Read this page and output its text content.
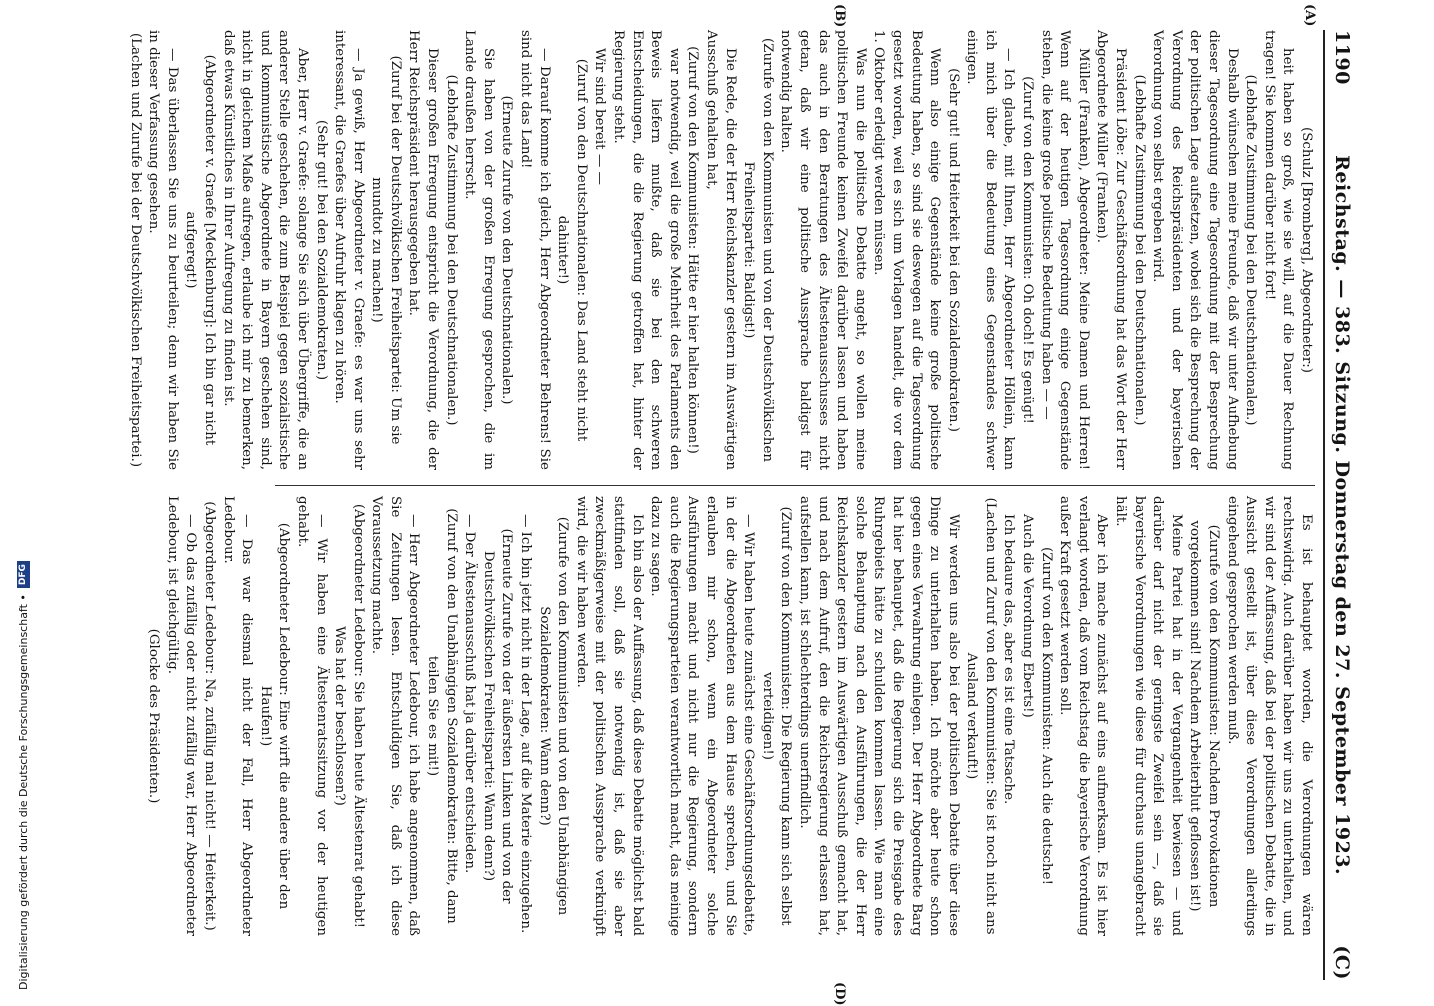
1190
Reichstag. — 383. Sitzung. Donnerstag den 27. September 1923.
(C)

(Schulz [Bromberg], Abgeordneter:)

heit haben so groß, wie sie will, auf die Dauer Rechnung tragen! Sie kommen darüber nicht fort!

(Lebhafte Zustimmung bei den Deutschnationalen.)

Deshalb wünschen meine Freunde, daß wir unter Aufhebung dieser Tagesordnung eine Tagesordnung mit der Besprechung der politischen Lage aufsetzen, wobei sich die Besprechung der Verordnung des Reichspräsidenten und der bayerischen Verordnung von selbst ergeben wird.

(Lebhafte Zustimmung bei den Deutschnationalen.)

Präsident Löbe: Zur Geschäftsordnung hat das Wort der Herr Abgeordnete Müller (Franken).

Müller (Franken), Abgeordneter: Meine Damen und Herren! Wenn auf der heutigen Tagesordnung einige Gegenstände stehen, die keine große politische Bedeutung haben — —

(Zuruf von den Kommunisten: Oh doch! Es genügt!

— Ich glaube, mit Ihnen, Herr Abgeordneter Höllein, kann ich mich über die Bedeutung eines Gegenstandes schwer einigen.

(Sehr gut! und Heiterkeit bei den Sozialdemokraten.)

Wenn also einige Gegenstände keine große politische Bedeutung haben, so sind sie deswegen auf die Tagesordnung gesetzt worden, weil es sich um Vorlagen handelt, die vor dem 1. Oktober erledigt werden müssen.

Was nun die politische Debatte angeht, so wollen meine politischen Freunde keinen Zweifel darüber lassen und haben das auch in den Beratungen des Ältestenausschusses nicht getan, daß wir eine politische Aussprache baldigst für notwendig halten.

(Zurufe von den Kommunisten und von der Deutschvölkischen Freiheitspartei: Baldigst!)

Die Rede, die der Herr Reichskanzler gestern im Auswärtigen Ausschuß gehalten hat,

(Zuruf von den Kommunisten: Hätte er hier halten können!)

war notwendig, weil die große Mehrheit des Parlaments den Beweis liefern mußte, daß sie bei den schweren Entscheidungen, die die Regierung getroffen hat, hinter der Regierung steht.

Wir sind bereit — —

(Zuruf von den Deutschnationalen: Das Land steht nicht dahinter!)

— Darauf komme ich gleich, Herr Abgeordneter Behrens! Sie sind nicht das Land!

(Erneute Zurufe von den Deutschnationalen.)

Sie haben von der großen Erregung gesprochen, die im Lande draußen herrscht.

(Lebhafte Zustimmung bei den Deutschnationalen.)

Dieser großen Erregung entspricht die Verordnung, die der Herr Reichspräsident herausgegeben hat.

(Zuruf bei der Deutschvölkischen Freiheitspartei: Um sie mundtot zu machen!)

— Ja gewiß, Herr Abgeordneter v. Graefe: es war uns sehr interessant, die Graefes über Aufruhr klagen zu hören.

(Sehr gut! bei den Sozialdemokraten.)

Aber, Herr v. Graefe: solange Sie sich über Übergriffe, die an anderer Stelle geschehen, die zum Beispiel gegen sozialistische und kommunistische Abgeordnete in Bayern geschehen sind, nicht in gleichem Maße aufregen, erlaube ich mir zu bemerken, daß etwas Künstliches in Ihrer Aufregung zu finden ist.

(Abgeordneter v. Graefe [Mecklenburg]: Ich bin gar nicht aufgeregt!)

— Das überlassen Sie uns zu beurteilen; denn wir haben Sie in dieser Verfassung gesehen.

(Lachen und Zurufe bei der Deutschvölkischen Freiheitspartei.)

Es ist behauptet worden, die Verordnungen wären rechtswidrig. Auch darüber haben wir uns zu unterhalten, und wir sind der Auffassung, daß bei der politischen Debatte, die in Aussicht gestellt ist, über diese Verordnungen allerdings eingehend gesprochen werden muß.

(Zurufe von den Kommunisten: Nachdem Provokationen vorgekommen sind! Nachdem Arbeiterblut geflossen ist!)

Meine Partei hat in der Vergangenheit bewiesen — und darüber darf nicht der geringste Zweifel sein —, daß sie bayerische Verordnungen wie diese für durchaus unangebracht hält.

Aber ich mache zunächst auf eins aufmerksam. Es ist hier verlangt worden, daß vom Reichstag die bayerische Verordnung außer Kraft gesetzt werden soll.

(Zuruf von den Kommunisten: Auch die deutsche!

Auch die Verordnung Eberts!)

Ich bedaure das, aber es ist eine Tatsache.

(Lachen und Zuruf von den Kommunisten: Sie ist noch nicht ans Ausland verkauft!)

Wir werden uns also bei der politischen Debatte über diese Dinge zu unterhalten haben. Ich möchte aber heute schon gegen eines Verwahrung einlegen. Der Herr Abgeordnete Barg hat hier behauptet, daß die Regierung sich die Preisgabe des Ruhrgebiets hätte zu schulden kommen lassen. Wie man eine solche Behauptung nach den Ausführungen, die der Herr Reichskanzler gestern im Auswärtigen Ausschuß gemacht hat, und nach dem Aufruf, den die Reichsregierung erlassen hat, aufstellen kann, ist schlechterdings unerfindlich.

(Zuruf von den Kommunisten: Die Regierung kann sich selbst verteidigen!)

— Wir haben heute zunächst eine Geschäftsordnungsdebatte, in der die Abgeordneten aus dem Hause sprechen, und Sie erlauben mir schon, wenn ein Abgeordneter solche Ausführungen macht und nicht nur die Regierung, sondern auch die Regierungsparteien verantwortlich macht, das meinige dazu zu sagen.

Ich bin also der Auffassung, daß diese Debatte möglichst bald stattfinden soll, daß sie notwendig ist, daß sie aber zweckmäßigerweise mit der politischen Aussprache verknüpft wird, die wir haben werden.

(Zurufe von den Kommunisten und von den Unabhängigen Sozialdemokraten: Wann denn?)

— Ich bin jetzt nicht in der Lage, auf die Materie einzugehen.

(Erneute Zurufe von der äußersten Linken und von der Deutschvölkischen Freiheitspartei: Wann denn?)

— Der Ältestenausschuß hat ja darüber entschieden.

(Zuruf von den Unabhängigen Sozialdemokraten: Bitte, dann teilen Sie es mit!)

— Herr Abgeordneter Ledebour, ich habe angenommen, daß Sie Zeitungen lesen. Entschuldigen Sie, daß ich diese Voraussetzung machte.

(Abgeordneter Ledebour: Sie haben heute Ältestenrat gehabt! Was hat der beschlossen?)

— Wir haben eine Ältestenratssitzung vor der heutigen gehabt.

(Abgeordneter Ledebour: Eine wirft die andere über den Haufen!)

— Das war diesmal nicht der Fall, Herr Abgeordneter Ledebour.

(Abgeordneter Ledebour: Na, zufällig mal nicht! — Heiterkeit.)

— Ob das zufällig oder nicht zufällig war, Herr Abgeordneter Ledebour, ist gleichgültig.

(Glocke des Präsidenten.)

(A)
(B)
(D)
Digitalisierung gefördert durch die Deutsche Forschungsgemeinschaft •
DFG
